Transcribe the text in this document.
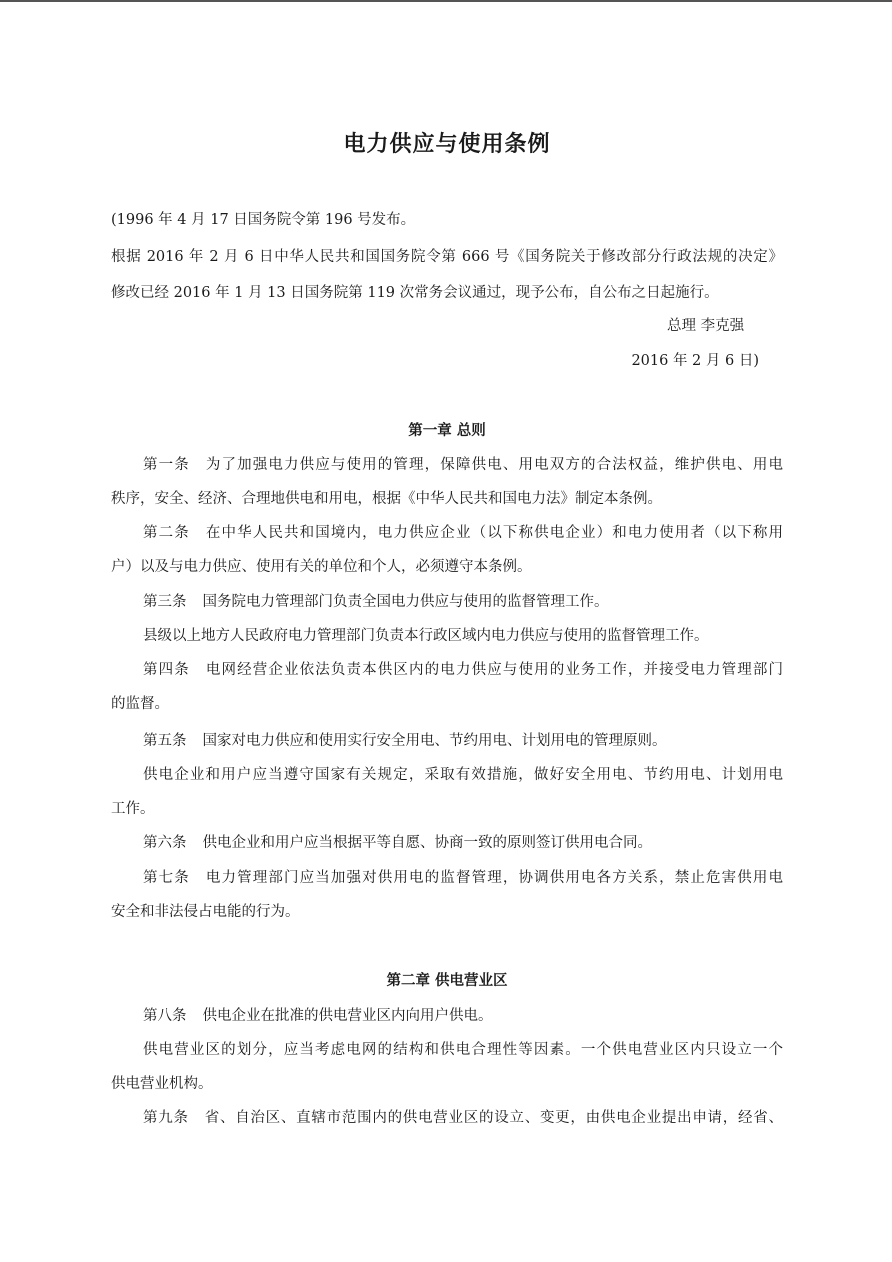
电力供应与使用条例
(1996 年 4 月 17 日国务院令第 196 号发布。
根据 2016 年 2 月 6 日中华人民共和国国务院令第 666 号《国务院关于修改部分行政法规的决定》
修改已经 2016 年 1 月 13 日国务院第 119 次常务会议通过，现予公布，自公布之日起施行。
总理 李克强
2016 年 2 月 6 日)
第一章 总则
第一条 为了加强电力供应与使用的管理，保障供电、用电双方的合法权益，维护供电、用电
秩序，安全、经济、合理地供电和用电，根据《中华人民共和国电力法》制定本条例。
第二条 在中华人民共和国境内，电力供应企业（以下称供电企业）和电力使用者（以下称用
户）以及与电力供应、使用有关的单位和个人，必须遵守本条例。
第三条 国务院电力管理部门负责全国电力供应与使用的监督管理工作。
县级以上地方人民政府电力管理部门负责本行政区域内电力供应与使用的监督管理工作。
第四条 电网经营企业依法负责本供区内的电力供应与使用的业务工作，并接受电力管理部门
的监督。
第五条 国家对电力供应和使用实行安全用电、节约用电、计划用电的管理原则。
供电企业和用户应当遵守国家有关规定，采取有效措施，做好安全用电、节约用电、计划用电
工作。
第六条 供电企业和用户应当根据平等自愿、协商一致的原则签订供用电合同。
第七条 电力管理部门应当加强对供用电的监督管理，协调供用电各方关系，禁止危害供用电
安全和非法侵占电能的行为。
第二章 供电营业区
第八条 供电企业在批准的供电营业区内向用户供电。
供电营业区的划分，应当考虑电网的结构和供电合理性等因素。一个供电营业区内只设立一个
供电营业机构。
第九条 省、自治区、直辖市范围内的供电营业区的设立、变更，由供电企业提出申请，经省、
